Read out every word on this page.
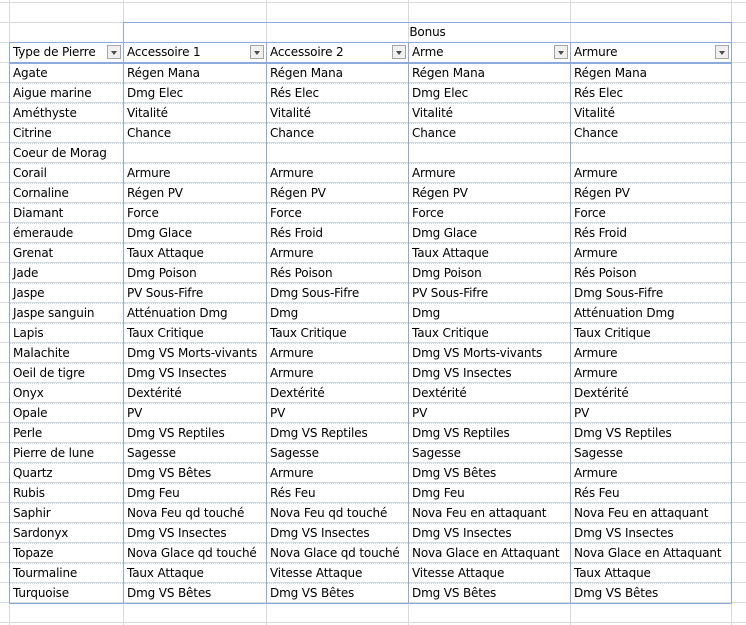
	Bonus			
Type de Pierre	Accessoire 1	Accessoire 2	Arme	Armure

Agate	Régen Mana	Régen Mana	Régen Mana	Régen Mana
Aigue marine	Dmg Elec	Rés Elec	Dmg Elec	Rés Elec
Améthyste	Vitalité	Vitalité	Vitalité	Vitalité
Citrine	Chance	Chance	Chance	Chance
Coeur de Morag				
Corail	Armure	Armure	Armure	Armure
Cornaline	Régen PV	Régen PV	Régen PV	Régen PV
Diamant	Force	Force	Force	Force
émeraude	Dmg Glace	Rés Froid	Dmg Glace	Rés Froid
Grenat	Taux Attaque	Armure	Taux Attaque	Armure
Jade	Dmg Poison	Rés Poison	Dmg Poison	Rés Poison
Jaspe	PV Sous-Fifre	Dmg Sous-Fifre	PV Sous-Fifre	Dmg Sous-Fifre
Jaspe sanguin	Atténuation Dmg	Dmg	Dmg	Atténuation Dmg
Lapis	Taux Critique	Taux Critique	Taux Critique	Taux Critique
Malachite	Dmg VS Morts-vivants	Armure	Dmg VS Morts-vivants	Armure
Oeil de tigre	Dmg VS Insectes	Armure	Dmg VS Insectes	Armure
Onyx	Dextérité	Dextérité	Dextérité	Dextérité
Opale	PV	PV	PV	PV
Perle	Dmg VS Reptiles	Dmg VS Reptiles	Dmg VS Reptiles	Dmg VS Reptiles
Pierre de lune	Sagesse	Sagesse	Sagesse	Sagesse
Quartz	Dmg VS Bêtes	Armure	Dmg VS Bêtes	Armure
Rubis	Dmg Feu	Rés Feu	Dmg Feu	Rés Feu
Saphir	Nova Feu qd touché	Nova Feu qd touché	Nova Feu en attaquant	Nova Feu en attaquant
Sardonyx	Dmg VS Insectes	Dmg VS Insectes	Dmg VS Insectes	Dmg VS Insectes
Topaze	Nova Glace qd touché	Nova Glace qd touché	Nova Glace en Attaquant	Nova Glace en Attaquant
Tourmaline	Taux Attaque	Vitesse Attaque	Vitesse Attaque	Taux Attaque
Turquoise	Dmg VS Bêtes	Dmg VS Bêtes	Dmg VS Bêtes	Dmg VS Bêtes
